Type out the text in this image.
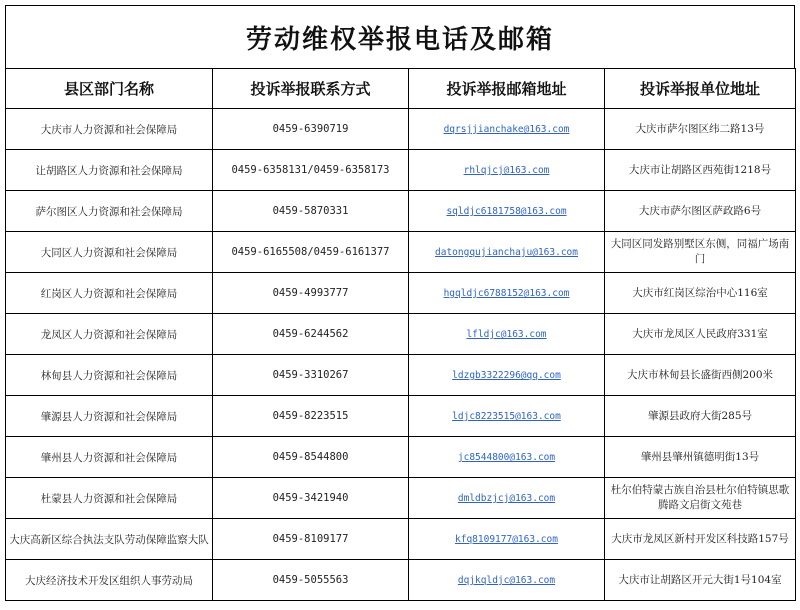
劳动维权举报电话及邮箱
县区部门名称	投诉举报联系方式	投诉举报邮箱地址	投诉举报单位地址
大庆市人力资源和社会保障局	0459-6390719	dqrsjjianchake@163.com	大庆市萨尔图区纬二路13号
让胡路区人力资源和社会保障局	0459-6358131/0459-6358173	rhlqjcj@163.com	大庆市让胡路区西苑街1218号
萨尔图区人力资源和社会保障局	0459-5870331	sqldjc6181758@163.com	大庆市萨尔图区萨政路6号
大同区人力资源和社会保障局	0459-6165508/0459-6161377	datongqujianchaju@163.com	大同区同发路别墅区东侧，同福广场南门
红岗区人力资源和社会保障局	0459-4993777	hgqldjc6788152@163.com	大庆市红岗区综治中心116室
龙凤区人力资源和社会保障局	0459-6244562	lfldjc@163.com	大庆市龙凤区人民政府331室
林甸县人力资源和社会保障局	0459-3310267	ldzgb3322296@qq.com	大庆市林甸县长盛街西侧200米
肇源县人力资源和社会保障局	0459-8223515	ldjc8223515@163.com	肇源县政府大街285号
肇州县人力资源和社会保障局	0459-8544800	jc8544800@163.com	肇州县肇州镇德明街13号
杜蒙县人力资源和社会保障局	0459-3421940	dmldbzjcj@163.com	杜尔伯特蒙古族自治县杜尔伯特镇思歌腾路文启街文苑巷
大庆高新区综合执法支队劳动保障监察大队	0459-8109177	kfq8109177@163.com	大庆市龙凤区新村开发区科技路157号
大庆经济技术开发区组织人事劳动局	0459-5055563	dqjkqldjc@163.com	大庆市让胡路区开元大街1号104室
